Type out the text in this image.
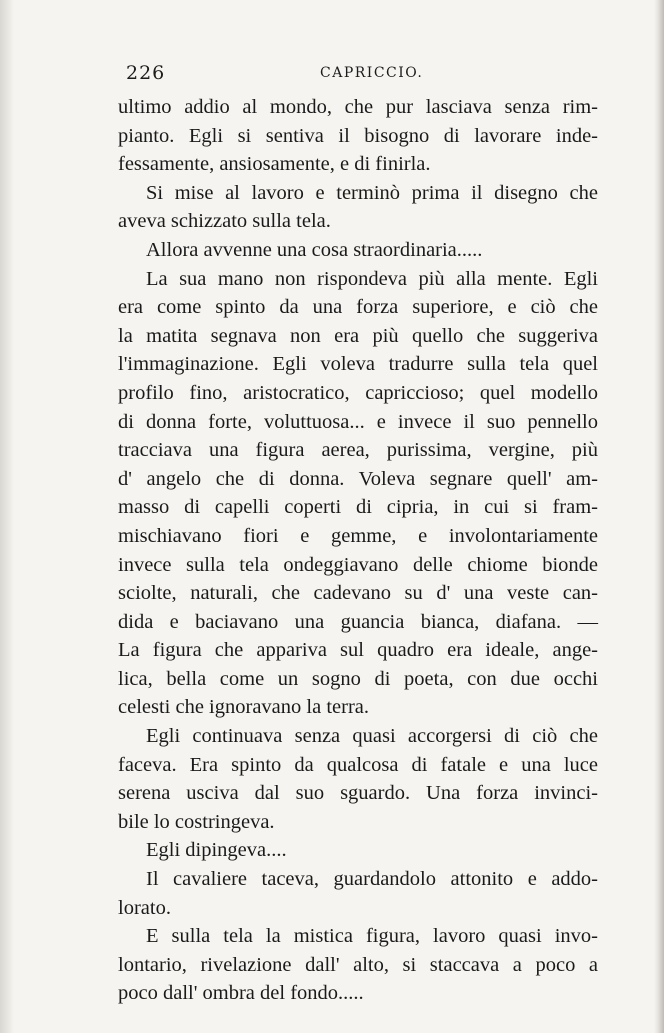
226	CAPRICCIO.
ultimo addio al mondo, che pur lasciava senza rim-
pianto. Egli si sentiva il bisogno di lavorare inde-
fessamente, ansiosamente, e di finirla.
Si mise al lavoro e terminò prima il disegno che
aveva schizzato sulla tela.
Allora avvenne una cosa straordinaria.....
La sua mano non rispondeva più alla mente. Egli
era come spinto da una forza superiore, e ciò che
la matita segnava non era più quello che suggeriva
l'immaginazione. Egli voleva tradurre sulla tela quel
profilo fino, aristocratico, capriccioso; quel modello
di donna forte, voluttuosa... e invece il suo pennello
tracciava una figura aerea, purissima, vergine, più
d' angelo che di donna. Voleva segnare quell' am-
masso di capelli coperti di cipria, in cui si fram-
mischiavano fiori e gemme, e involontariamente
invece sulla tela ondeggiavano delle chiome bionde
sciolte, naturali, che cadevano su d' una veste can-
dida e baciavano una guancia bianca, diafana. —
La figura che appariva sul quadro era ideale, ange-
lica, bella come un sogno di poeta, con due occhi
celesti che ignoravano la terra.
Egli continuava senza quasi accorgersi di ciò che
faceva. Era spinto da qualcosa di fatale e una luce
serena usciva dal suo sguardo. Una forza invinci-
bile lo costringeva.
Egli dipingeva....
Il cavaliere taceva, guardandolo attonito e addo-
lorato.
E sulla tela la mistica figura, lavoro quasi invo-
lontario, rivelazione dall' alto, si staccava a poco a
poco dall' ombra del fondo.....
